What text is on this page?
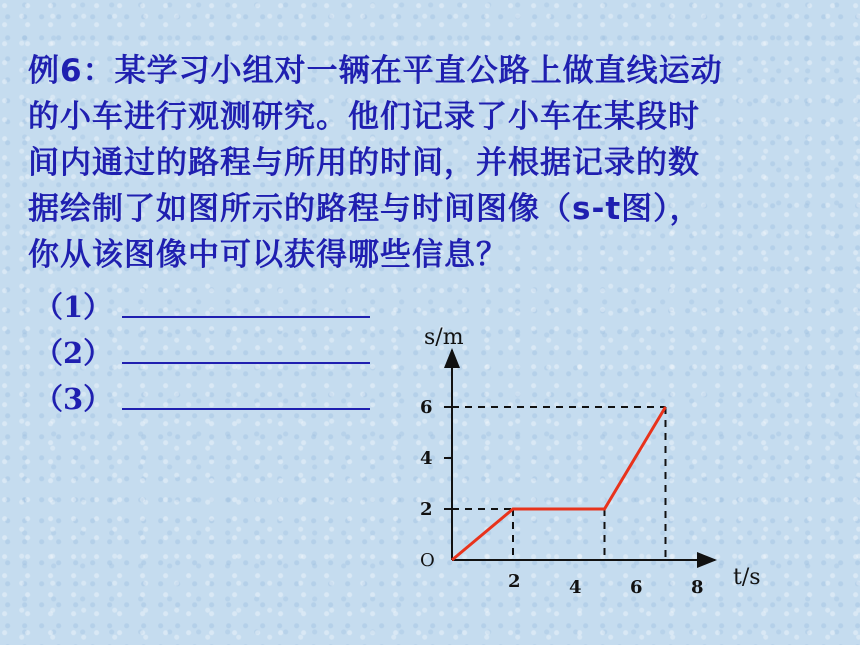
例6：某学习小组对一辆在平直公路上做直线运动
的小车进行观测研究。他们记录了小车在某段时
间内通过的路程与所用的时间，并根据记录的数
据绘制了如图所示的路程与时间图像（s-t图），
你从该图像中可以获得哪些信息？
（1）
（2）
（3）
s/m
t/s
O
2
4
6
2	4	6	8
